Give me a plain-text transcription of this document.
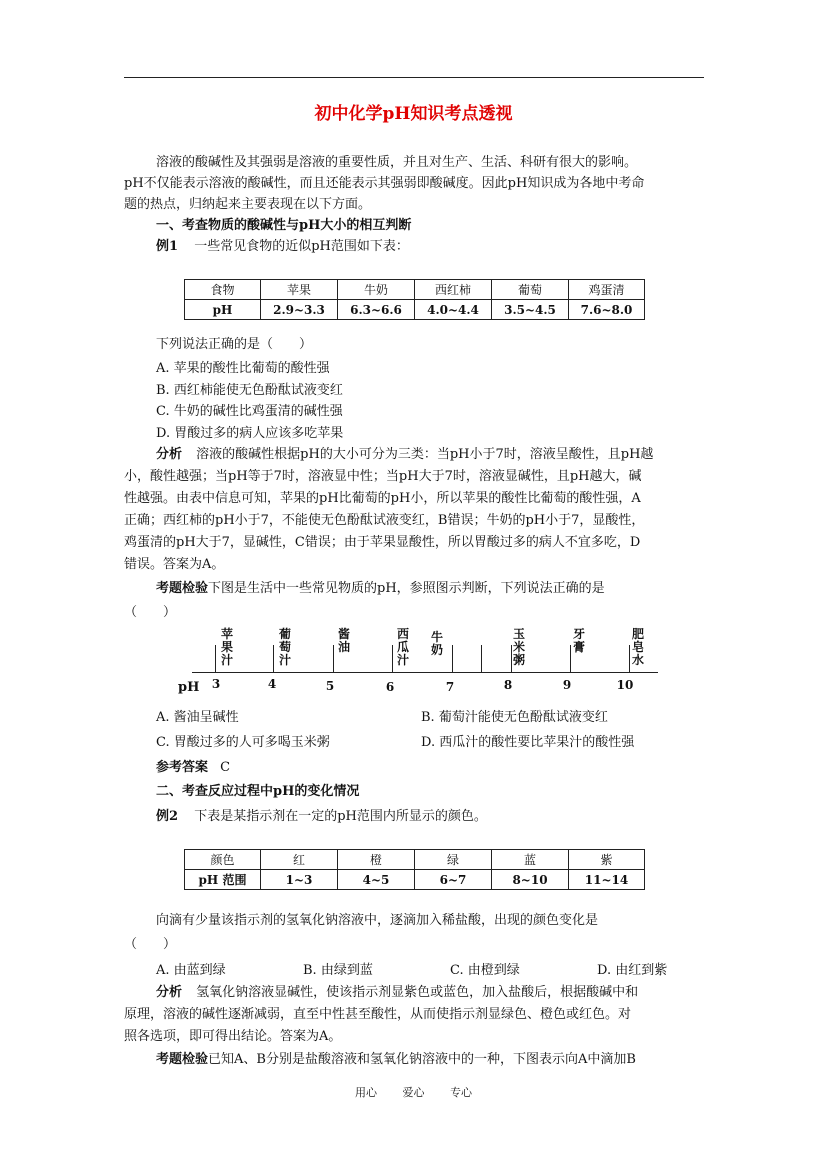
初中化学pH知识考点透视
溶液的酸碱性及其强弱是溶液的重要性质，并且对生产、生活、科研有很大的影响。
pH不仅能表示溶液的酸碱性，而且还能表示其强弱即酸碱度。因此pH知识成为各地中考命
题的热点，归纳起来主要表现在以下方面。
一、考查物质的酸碱性与pH大小的相互判断
例1 一些常见食物的近似pH范围如下表：
食物	苹果	牛奶	西红柿	葡萄	鸡蛋清
pH	2.9~3.3	6.3~6.6	4.0~4.4	3.5~4.5	7.6~8.0
下列说法正确的是（　　）
A. 苹果的酸性比葡萄的酸性强
B. 西红柿能使无色酚酞试液变红
C. 牛奶的碱性比鸡蛋清的碱性强
D. 胃酸过多的病人应该多吃苹果
分析 溶液的酸碱性根据pH的大小可分为三类：当pH小于7时，溶液呈酸性，且pH越
小，酸性越强；当pH等于7时，溶液显中性；当pH大于7时，溶液显碱性，且pH越大，碱
性越强。由表中信息可知，苹果的pH比葡萄的pH小，所以苹果的酸性比葡萄的酸性强，A
正确；西红柿的pH小于7，不能使无色酚酞试液变红，B错误；牛奶的pH小于7，显酸性，
鸡蛋清的pH大于7，显碱性，C错误；由于苹果显酸性，所以胃酸过多的病人不宜多吃，D
错误。答案为A。
考题检验下图是生活中一些常见物质的pH，参照图示判断，下列说法正确的是
（　　）
pH 3	4	5	6	7	8	9	10
苹果汁
葡萄汁
酱油
西瓜汁
牛奶
玉米粥
牙膏
肥皂水
A. 酱油呈碱性	B. 葡萄汁能使无色酚酞试液变红
C. 胃酸过多的人可多喝玉米粥	D. 西瓜汁的酸性要比苹果汁的酸性强
参考答案 C
二、考查反应过程中pH的变化情况
例2 下表是某指示剂在一定的pH范围内所显示的颜色。
颜色	红	橙	绿	蓝	紫
pH 范围	1~3	4~5	6~7	8~10	11~14
向滴有少量该指示剂的氢氧化钠溶液中，逐滴加入稀盐酸，出现的颜色变化是
（　　）
A. 由蓝到绿	B. 由绿到蓝	C. 由橙到绿	D. 由红到紫
分析 氢氧化钠溶液显碱性，使该指示剂显紫色或蓝色，加入盐酸后，根据酸碱中和
原理，溶液的碱性逐渐减弱，直至中性甚至酸性，从而使指示剂显绿色、橙色或红色。对
照各选项，即可得出结论。答案为A。
考题检验已知A、B分别是盐酸溶液和氢氧化钠溶液中的一种，下图表示向A中滴加B
用心 爱心 专心
